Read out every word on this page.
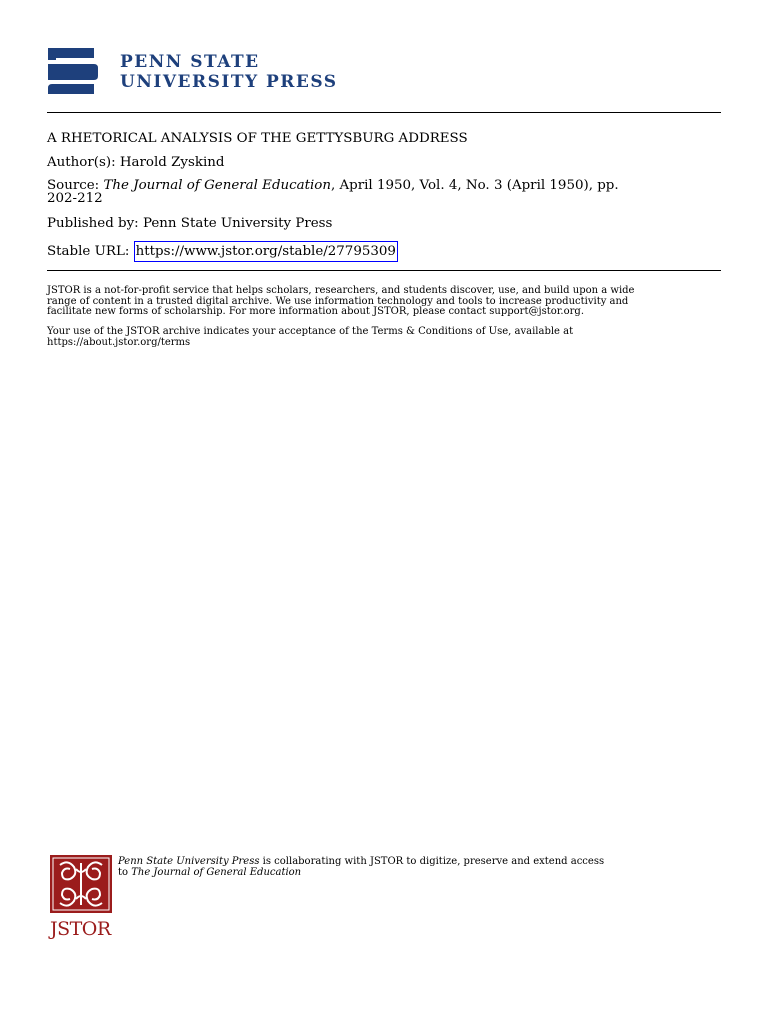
PENN STATE
UNIVERSITY PRESS
A RHETORICAL ANALYSIS OF THE GETTYSBURG ADDRESS
Author(s): Harold Zyskind
Source: The Journal of General Education, April 1950, Vol. 4, No. 3 (April 1950), pp.
202-212
Published by: Penn State University Press
Stable URL: https://www.jstor.org/stable/27795309
JSTOR is a not-for-profit service that helps scholars, researchers, and students discover, use, and build upon a wide
range of content in a trusted digital archive. We use information technology and tools to increase productivity and
facilitate new forms of scholarship. For more information about JSTOR, please contact support@jstor.org.
Your use of the JSTOR archive indicates your acceptance of the Terms & Conditions of Use, available at
https://about.jstor.org/terms
JSTOR
Penn State University Press is collaborating with JSTOR to digitize, preserve and extend access
to The Journal of General Education
